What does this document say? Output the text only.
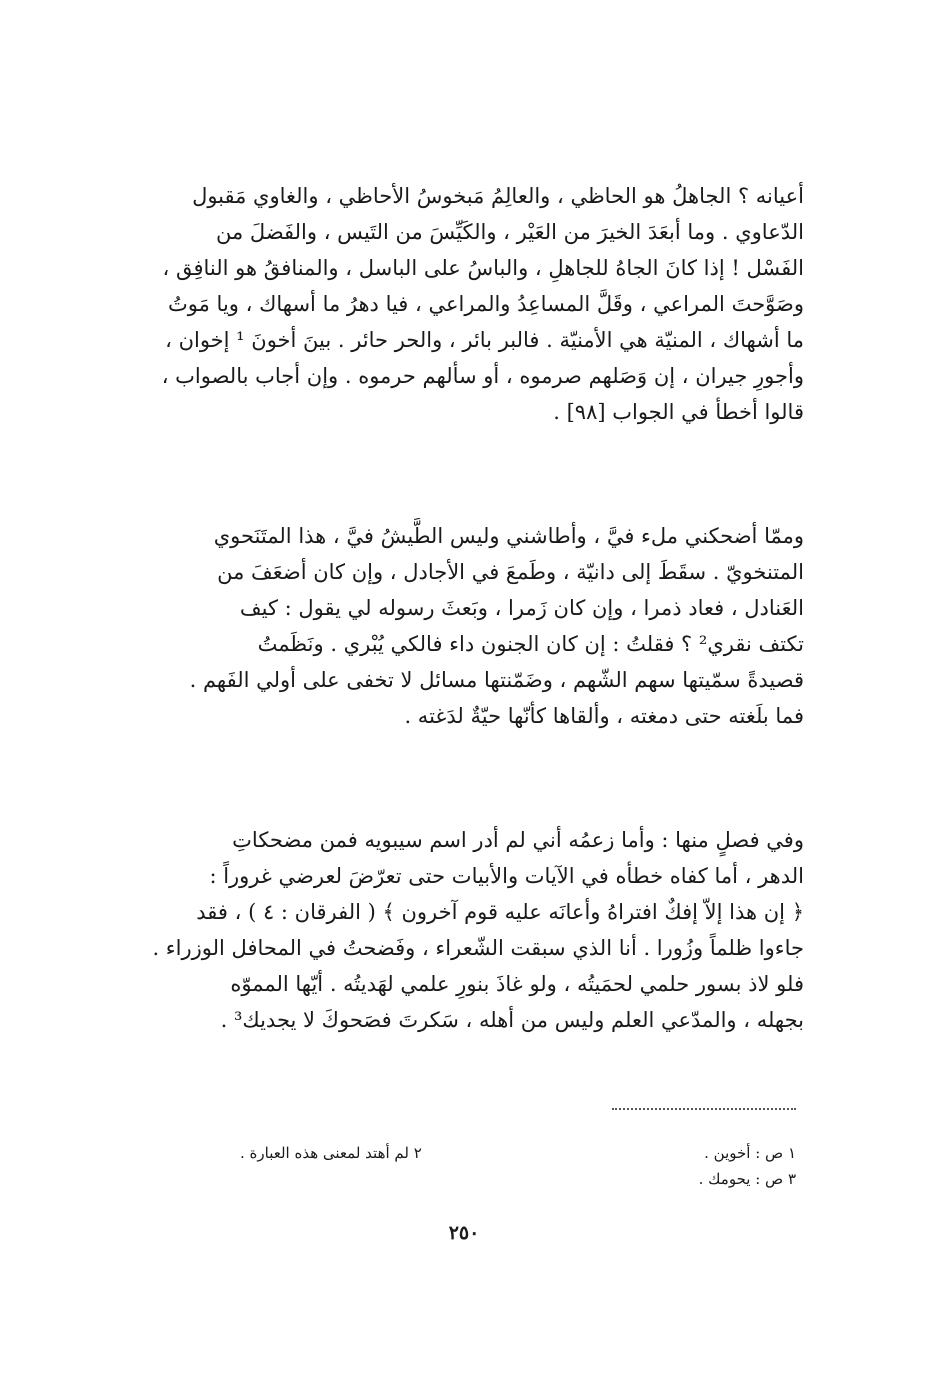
أعيانه ؟ الجاهلُ هو الحاظي ، والعالِمُ مَبخوسُ الأحاظي ، والغاوي مَقبول
الدّعاوي . وما أبعَدَ الخيرَ من العَيْر ، والكَيِّسَ من التَيس ، والفَضلَ من
الفَسْل ! إذا كانَ الجاهُ للجاهلِ ، والباسُ على الباسل ، والمنافقُ هو النافِق ،
وصَوَّحتَ المراعي ، وقَلَّ المساعِدُ والمراعي ، فيا دهرُ ما أسهاك ، ويا مَوتُ
ما أشهاك ، المنيّة هي الأمنيّة . فالبر بائر ، والحر حائر . بينَ أخونَ ¹ إخوان ،
وأجورِ جيران ، إن وَصَلهم صرموه ، أو سألهم حرموه . وإن أجاب بالصواب ،
قالوا أخطأ في الجواب [٩٨] .
وممّا أضحكني ملء فيَّ ، وأطاشني وليس الطَّيشُ فيَّ ، هذا المتَنَحوي
المتنخويّ . سقَطَ إلى دانيّة ، وطَمعَ في الأجادل ، وإن كان أضعَفَ من
العَنادل ، فعاد ذمرا ، وإن كان زَمرا ، وبَعثَ رسوله لي يقول : كيف
تكتف نقري² ؟ فقلتُ : إن كان الجنون داء فالكي يُبْري . ونَظَمتُ
قصيدةً سمّيتها سهم الشّهم ، وضَمّنتها مسائل لا تخفى على أولي الفَهم .
فما بلَغته حتى دمغته ، وألقاها كأنّها حيّةٌ لدَغته .
وفي فصلٍ منها : وأما زعمُه أني لم أدر اسم سيبويه فمن مضحكاتِ
الدهر ، أما كفاه خطأه في الآيات والأبيات حتى تعرّضَ لعرضي غروراً :
﴿ إن هذا إلاّ إفكٌ افتراهُ وأعانَه عليه قوم آخرون ﴾ ( الفرقان : ٤ ) ، فقد
جاءوا ظلماً وزُورا . أنا الذي سبقت الشّعراء ، وفَضحتُ في المحافل الوزراء .
فلو لاذ بسور حلمي لحمَيتُه ، ولو غاذَ بنورِ علمي لهَديتُه . أيّها المموّه
بجهله ، والمدّعي العلم وليس من أهله ، سَكرتَ فصَحوكَ لا يجديك³ .
١ ص : أخوين .
٢ لم أهتد لمعنى هذه العبارة .
٣ ص : يحومك .
٢٥٠
